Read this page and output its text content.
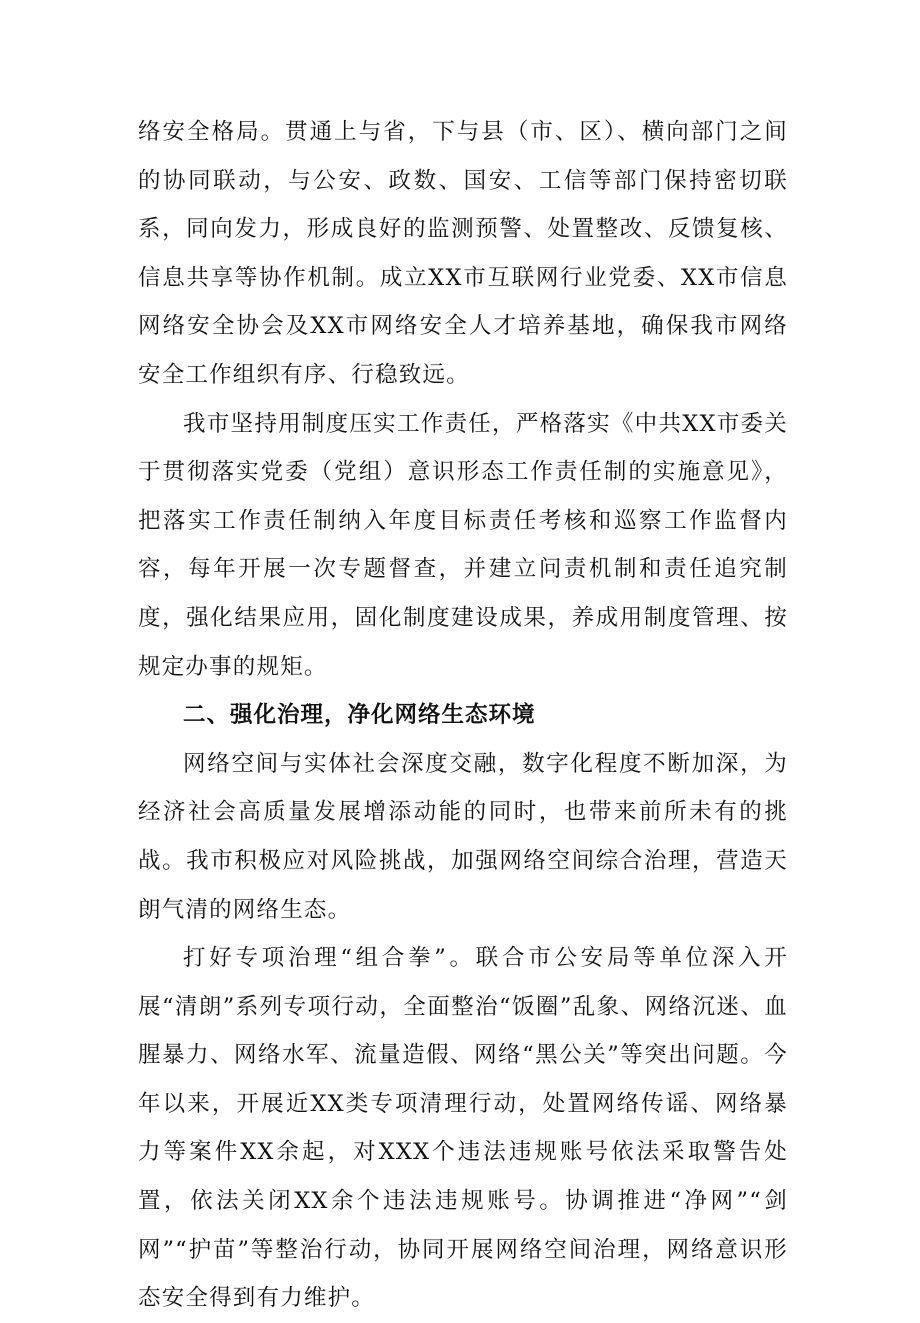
络安全格局。贯通上与省，下与县（市、区）、横向部门之间的协同联动，与公安、政数、国安、工信等部门保持密切联系，同向发力，形成良好的监测预警、处置整改、反馈复核、信息共享等协作机制。成立XX市互联网行业党委、XX市信息网络安全协会及XX市网络安全人才培养基地，确保我市网络安全工作组织有序、行稳致远。

我市坚持用制度压实工作责任，严格落实《中共XX市委关于贯彻落实党委（党组）意识形态工作责任制的实施意见》，把落实工作责任制纳入年度目标责任考核和巡察工作监督内容，每年开展一次专题督查，并建立问责机制和责任追究制度，强化结果应用，固化制度建设成果，养成用制度管理、按规定办事的规矩。

二、强化治理，净化网络生态环境

网络空间与实体社会深度交融，数字化程度不断加深，为经济社会高质量发展增添动能的同时，也带来前所未有的挑战。我市积极应对风险挑战，加强网络空间综合治理，营造天朗气清的网络生态。

打好专项治理“组合拳”。联合市公安局等单位深入开展“清朗”系列专项行动，全面整治“饭圈”乱象、网络沉迷、血腥暴力、网络水军、流量造假、网络“黑公关”等突出问题。今年以来，开展近XX类专项清理行动，处置网络传谣、网络暴力等案件XX余起，对XXX个违法违规账号依法采取警告处置，依法关闭XX余个违法违规账号。协调推进“净网”“剑网”“护苗”等整治行动，协同开展网络空间治理，网络意识形态安全得到有力维护。
